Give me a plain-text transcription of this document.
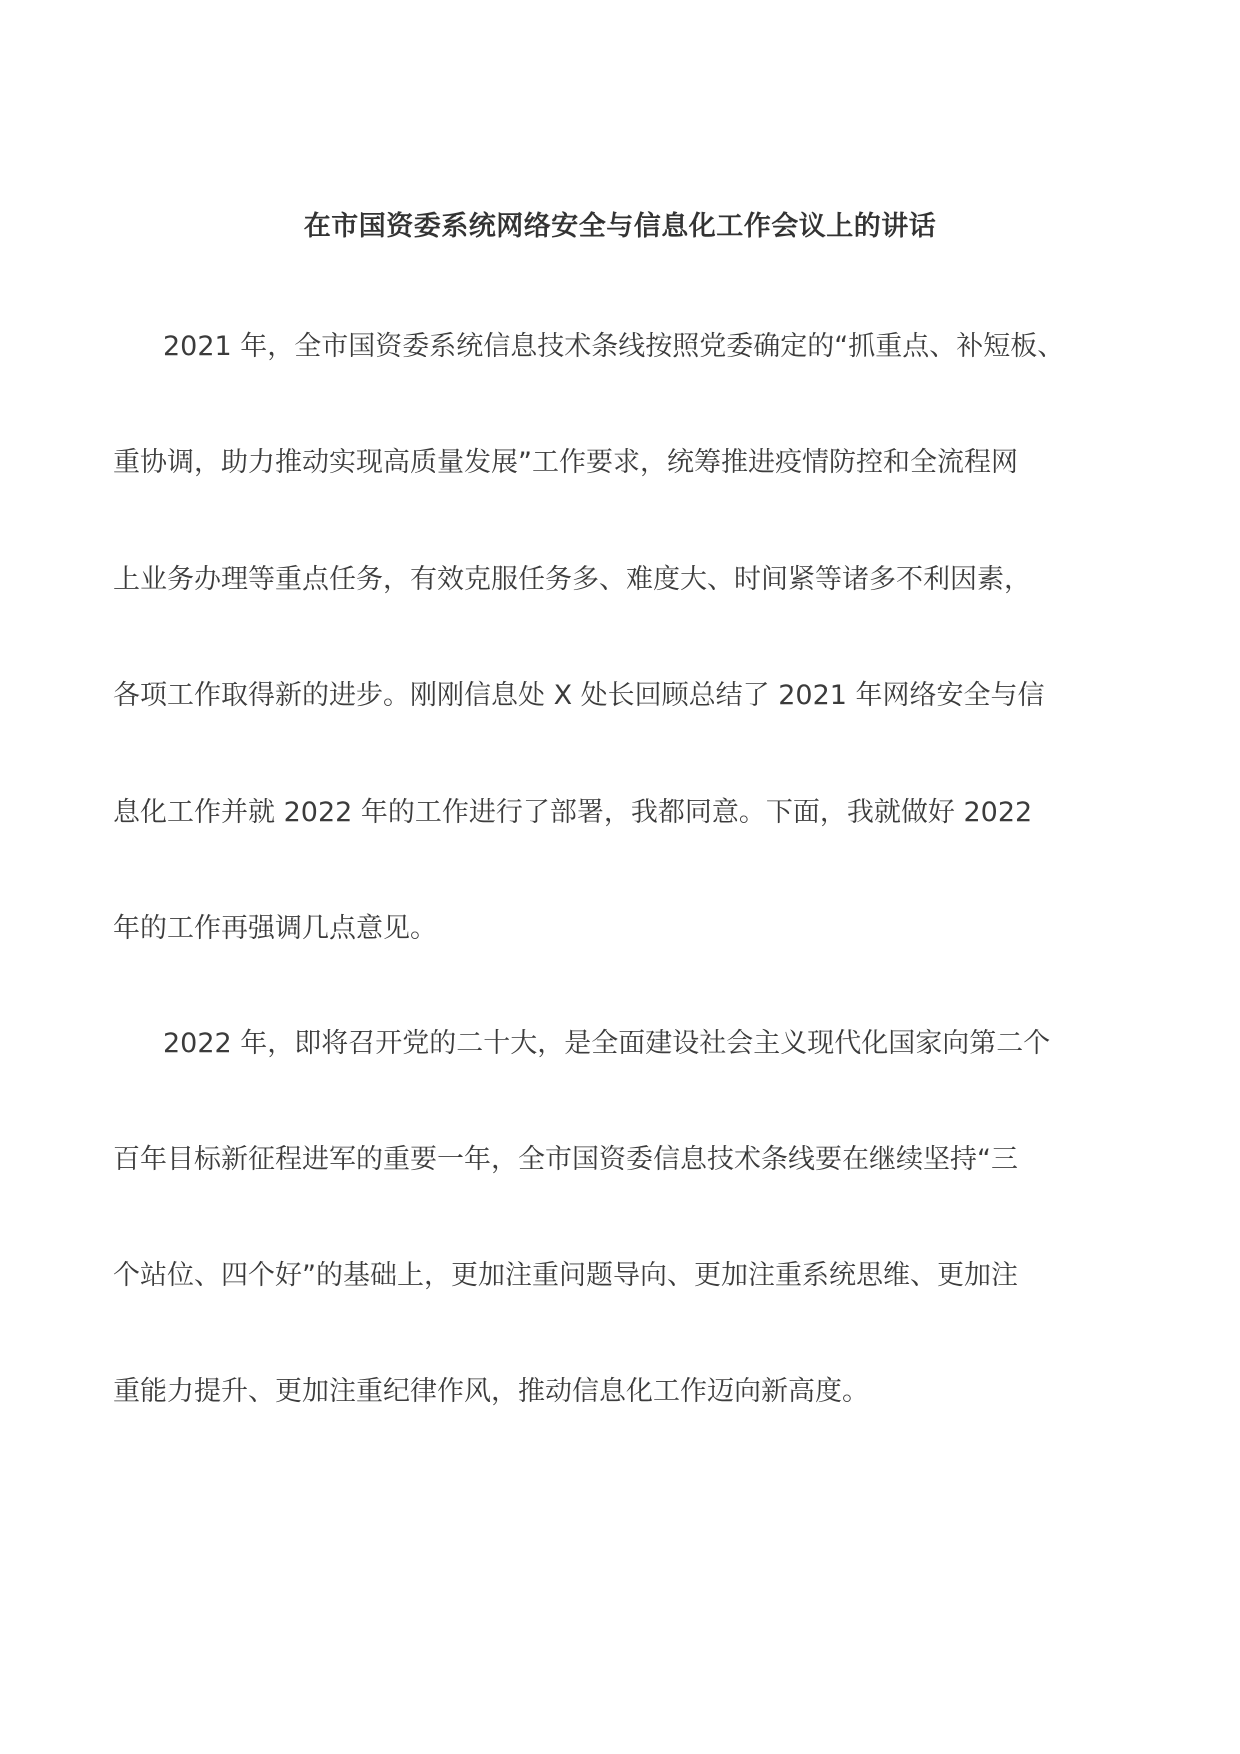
在市国资委系统网络安全与信息化工作会议上的讲话
2021 年，全市国资委系统信息技术条线按照党委确定的“抓重点、补短板、
重协调，助力推动实现高质量发展”工作要求，统筹推进疫情防控和全流程网
上业务办理等重点任务，有效克服任务多、难度大、时间紧等诸多不利因素，
各项工作取得新的进步。刚刚信息处 X 处长回顾总结了 2021 年网络安全与信
息化工作并就 2022 年的工作进行了部署，我都同意。下面，我就做好 2022
年的工作再强调几点意见。
2022 年，即将召开党的二十大，是全面建设社会主义现代化国家向第二个
百年目标新征程进军的重要一年，全市国资委信息技术条线要在继续坚持“三
个站位、四个好”的基础上，更加注重问题导向、更加注重系统思维、更加注
重能力提升、更加注重纪律作风，推动信息化工作迈向新高度。
